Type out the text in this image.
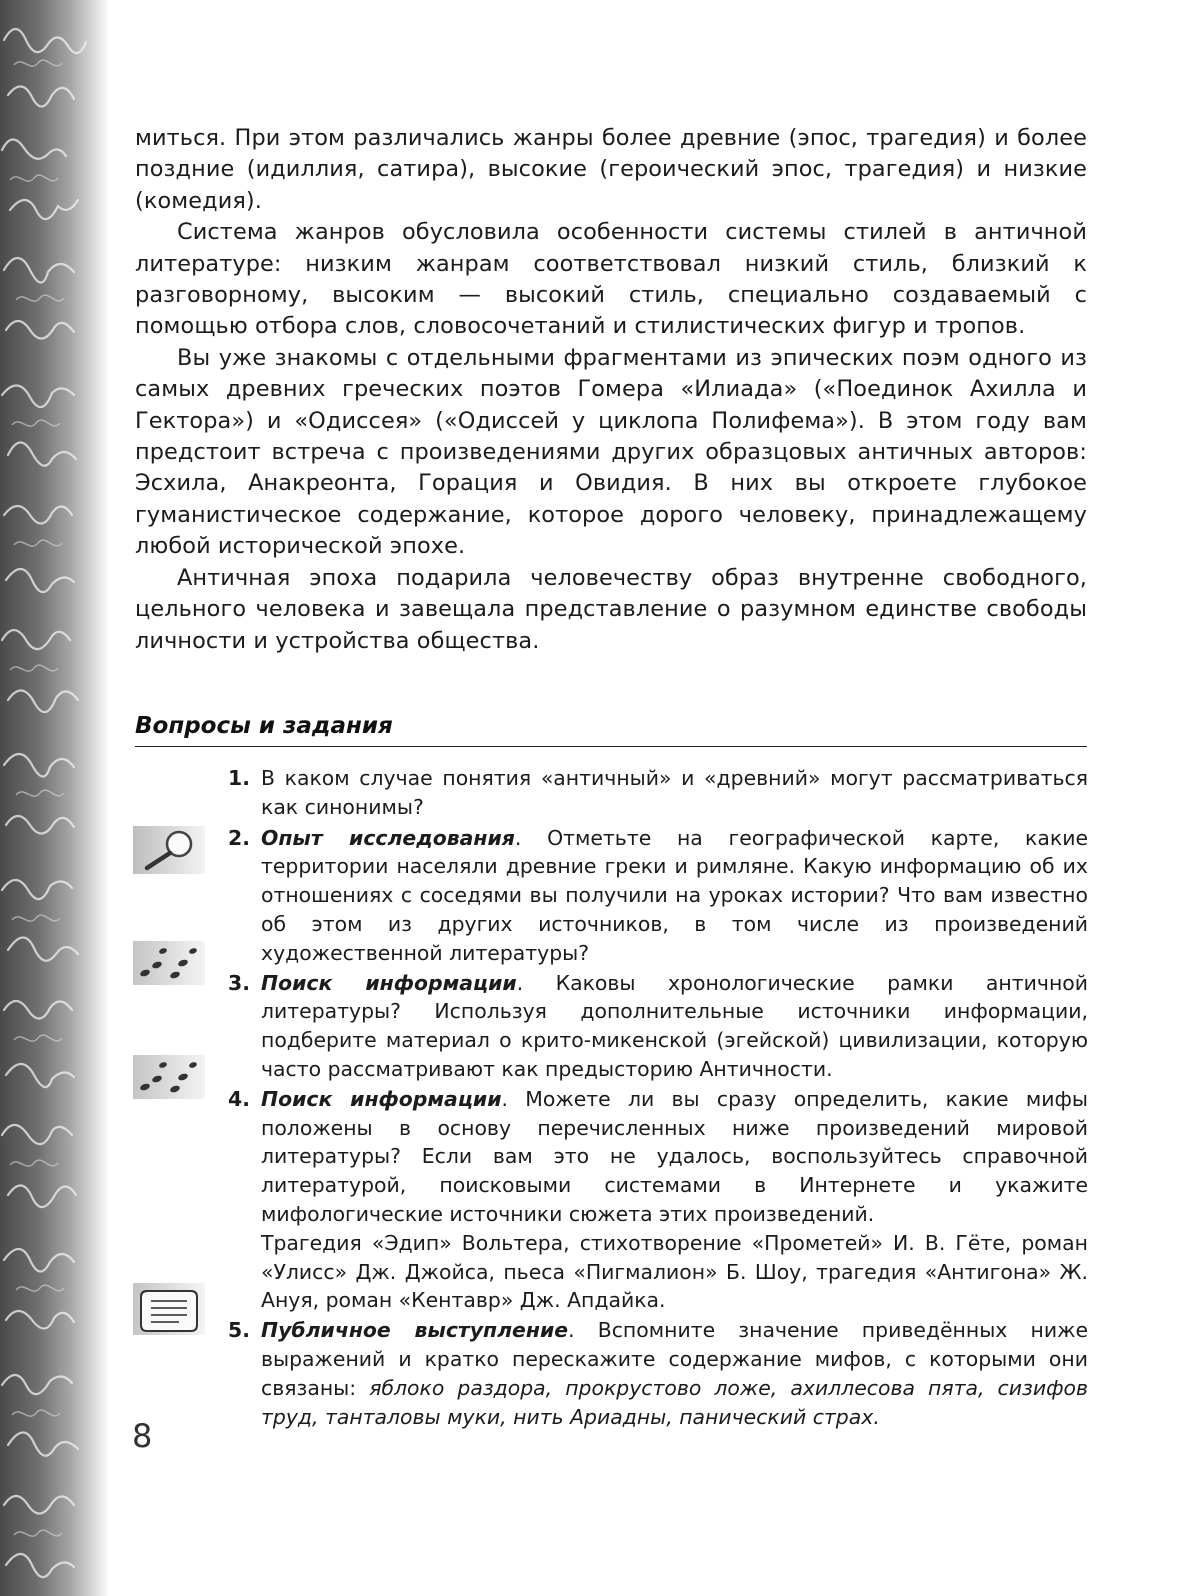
миться. При этом различались жанры более древние (эпос, трагедия) и более поздние (идиллия, сатира), высокие (героический эпос, трагедия) и низкие (комедия).

Система жанров обусловила особенности системы стилей в античной литературе: низким жанрам соответствовал низкий стиль, близкий к разговорному, высоким — высокий стиль, специально создаваемый с помощью отбора слов, словосочетаний и стилистических фигур и тропов.

Вы уже знакомы с отдельными фрагментами из эпических поэм одного из самых древних греческих поэтов Гомера «Илиада» («Поединок Ахилла и Гектора») и «Одиссея» («Одиссей у циклопа Полифема»). В этом году вам предстоит встреча с произведениями других образцовых античных авторов: Эсхила, Анакреонта, Горация и Овидия. В них вы откроете глубокое гуманистическое содержание, которое дорого человеку, принадлежащему любой исторической эпохе.

Античная эпоха подарила человечеству образ внутренне свободного, цельного человека и завещала представление о разумном единстве свободы личности и устройства общества.

Вопросы и задания
1. В каком случае понятия «античный» и «древний» могут рассматриваться как синонимы?

2. Опыт исследования. Отметьте на географической карте, какие территории населяли древние греки и римляне. Какую информацию об их отношениях с соседями вы получили на уроках истории? Что вам известно об этом из других источников, в том числе из произведений художественной литературы?

3. Поиск информации. Каковы хронологические рамки античной литературы? Используя дополнительные источники информации, подберите материал о крито-микенской (эгейской) цивилизации, которую часто рассматривают как предысторию Античности.

4. Поиск информации. Можете ли вы сразу определить, какие мифы положены в основу перечисленных ниже произведений мировой литературы? Если вам это не удалось, воспользуйтесь справочной литературой, поисковыми системами в Интернете и укажите мифологические источники сюжета этих произведений.

Трагедия «Эдип» Вольтера, стихотворение «Прометей» И. В. Гёте, роман «Улисс» Дж. Джойса, пьеса «Пигмалион» Б. Шоу, трагедия «Антигона» Ж. Ануя, роман «Кентавр» Дж. Апдайка.

5. Публичное выступление. Вспомните значение приведённых ниже выражений и кратко перескажите содержание мифов, с которыми они связаны: яблоко раздора, прокрустово ложе, ахиллесова пята, сизифов труд, танталовы муки, нить Ариадны, панический страх.

8
